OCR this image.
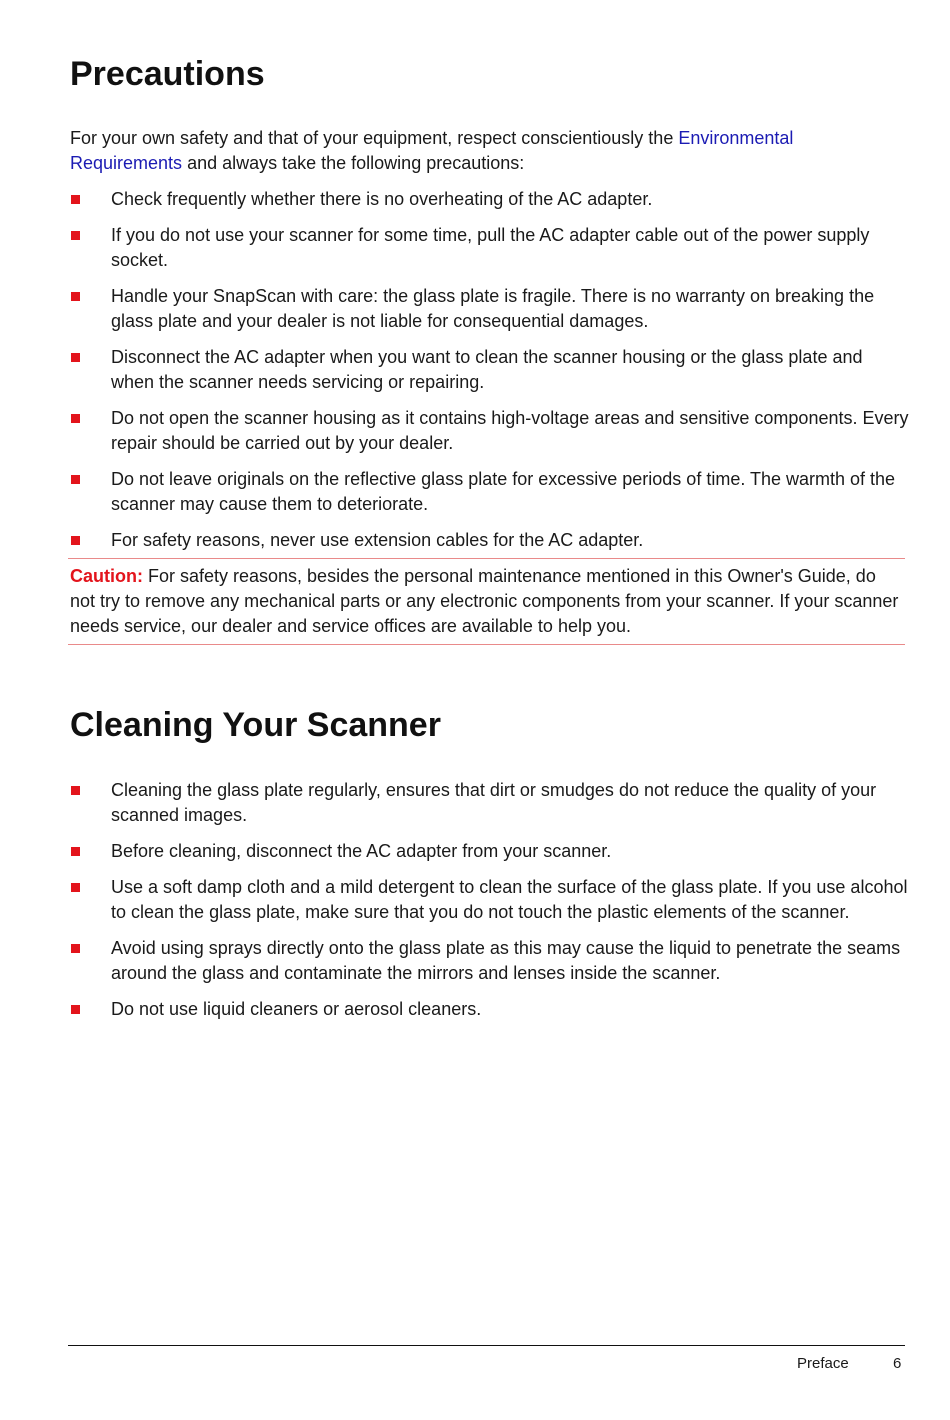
Precautions

For your own safety and that of your equipment, respect conscientiously the Environmental Requirements and always take the following precautions:

Check frequently whether there is no overheating of the AC adapter.
If you do not use your scanner for some time, pull the AC adapter cable out of the power supply socket.
Handle your SnapScan with care: the glass plate is fragile. There is no warranty on breaking the glass plate and your dealer is not liable for consequential damages.
Disconnect the AC adapter when you want to clean the scanner housing or the glass plate and when the scanner needs servicing or repairing.
Do not open the scanner housing as it contains high-voltage areas and sensitive components. Every repair should be carried out by your dealer.
Do not leave originals on the reflective glass plate for excessive periods of time. The warmth of the scanner may cause them to deteriorate.
For safety reasons, never use extension cables for the AC adapter.

Caution: For safety reasons, besides the personal maintenance mentioned in this Owner's Guide, do not try to remove any mechanical parts or any electronic components from your scanner. If your scanner needs service, our dealer and service offices are available to help you.

Cleaning Your Scanner
Cleaning the glass plate regularly, ensures that dirt or smudges do not reduce the quality of your scanned images.
Before cleaning, disconnect the AC adapter from your scanner.
Use a soft damp cloth and a mild detergent to clean the surface of the glass plate. If you use alcohol to clean the glass plate, make sure that you do not touch the plastic elements of the scanner.
Avoid using sprays directly onto the glass plate as this may cause the liquid to penetrate the seams around the glass and contaminate the mirrors and lenses inside the scanner.
Do not use liquid cleaners or aerosol cleaners.
Preface	6
